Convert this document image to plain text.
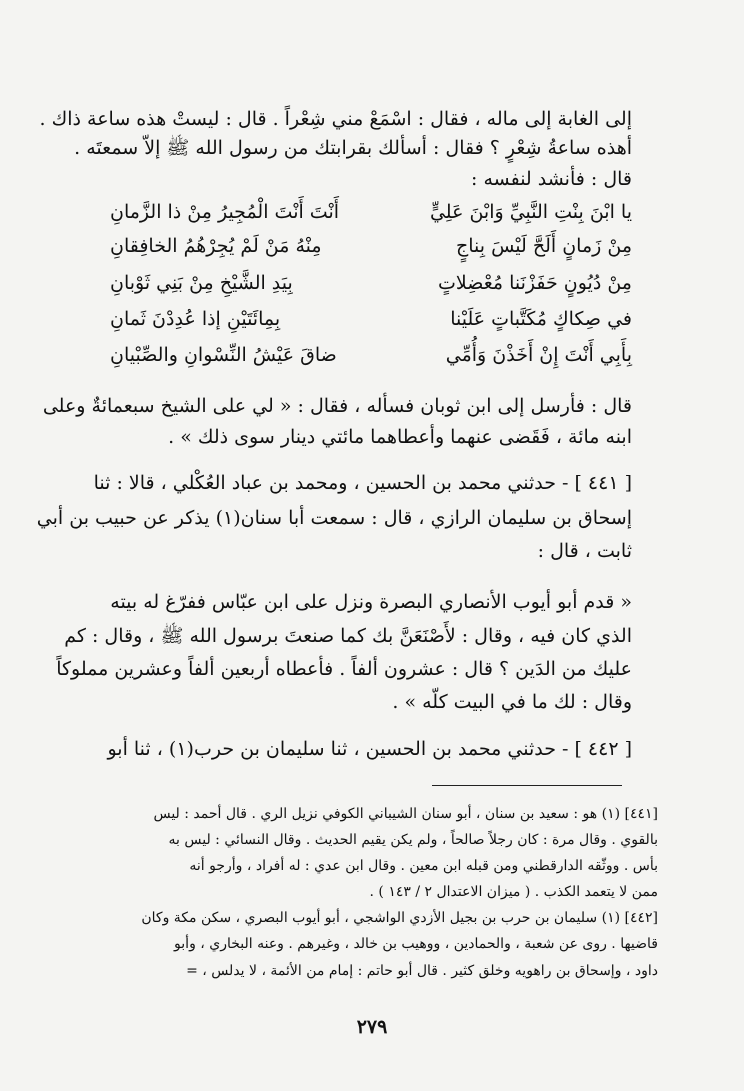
إلى الغابة إلى ماله ، فقال : اسْمَعْ مني شِعْراً . قال : ليستْ هذه ساعة ذاك .
أهذه ساعةُ شِعْرٍ ؟ فقال : أسألك بقرابتك من رسول الله ﷺ إلاّ سمعتَه .
قال : فأنشد لنفسه :
يا ابْنَ بِنْتِ النَّبِيِّ وَابْنَ عَلِيٍّ
أَنْتَ أَنْتَ الْمُجِيرُ مِنْ ذا الزَّمانِ
مِنْ زَمانٍ أَلَحَّ لَيْسَ بِناجٍ
مِنْهُ مَنْ لَمْ يُجِرْهُمُ الخافِقانِ
مِنْ دُيُونٍ حَفَزْنَنا مُعْضِلاتٍ
بِيَدِ الشَّيْخِ مِنْ بَنِي ثَوْبانِ
في صِكاكٍ مُكَتَّباتٍ عَلَيْنا
بِمِائَتَيْنِ إذا عُدِدْنَ ثَمانِ
بِأَبِي أَنْتَ إِنْ أَخَذْنَ وَأُمِّي
ضاقَ عَيْشُ النِّسْوانِ والصِّبْيانِ
قال : فأرسل إلى ابن ثوبان فسأله ، فقال : « لي على الشيخ سبعمائةٌ وعلى
ابنه مائة ، فَقَضى عنهما وأعطاهما مائتي دينار سوى ذلك » .
[ ٤٤١ ] - حدثني محمد بن الحسين ، ومحمد بن عباد العُكْلي ، قالا : ثنا
إسحاق بن سليمان الرازي ، قال : سمعت أبا سنان(١) يذكر عن حبيب بن أبي
ثابت ، قال :
« قدم أبو أيوب الأنصاري البصرة ونزل على ابن عبّاس ففرّغ له بيته
الذي كان فيه ، وقال : لأَصْنَعَنَّ بك كما صنعتَ برسول الله ﷺ ، وقال : كم
عليك من الدَين ؟ قال : عشرون ألفاً . فأعطاه أربعين ألفاً وعشرين مملوكاً
وقال : لك ما في البيت كلّه » .
[ ٤٤٢ ] - حدثني محمد بن الحسين ، ثنا سليمان بن حرب(١) ، ثنا أبو
[٤٤١] (١) هو : سعيد بن سنان ، أبو سنان الشيباني الكوفي نزيل الري . قال أحمد : ليس
بالقوي . وقال مرة : كان رجلاً صالحاً ، ولم يكن يقيم الحديث . وقال النسائي : ليس به
بأس . ووثّقه الدارقطني ومن قبله ابن معين . وقال ابن عدي : له أفراد ، وأرجو أنه
ممن لا يتعمد الكذب . ( ميزان الاعتدال ٢ / ١٤٣ ) .
[٤٤٢] (١) سليمان بن حرب بن بجيل الأزدي الواشجي ، أبو أيوب البصري ، سكن مكة وكان
قاضيها . روى عن شعبة ، والحمادين ، ووهيب بن خالد ، وغيرهم . وعنه البخاري ، وأبو
داود ، وإسحاق بن راهويه وخلق كثير . قال أبو حاتم : إمام من الأئمة ، لا يدلس ، =
٢٧٩
